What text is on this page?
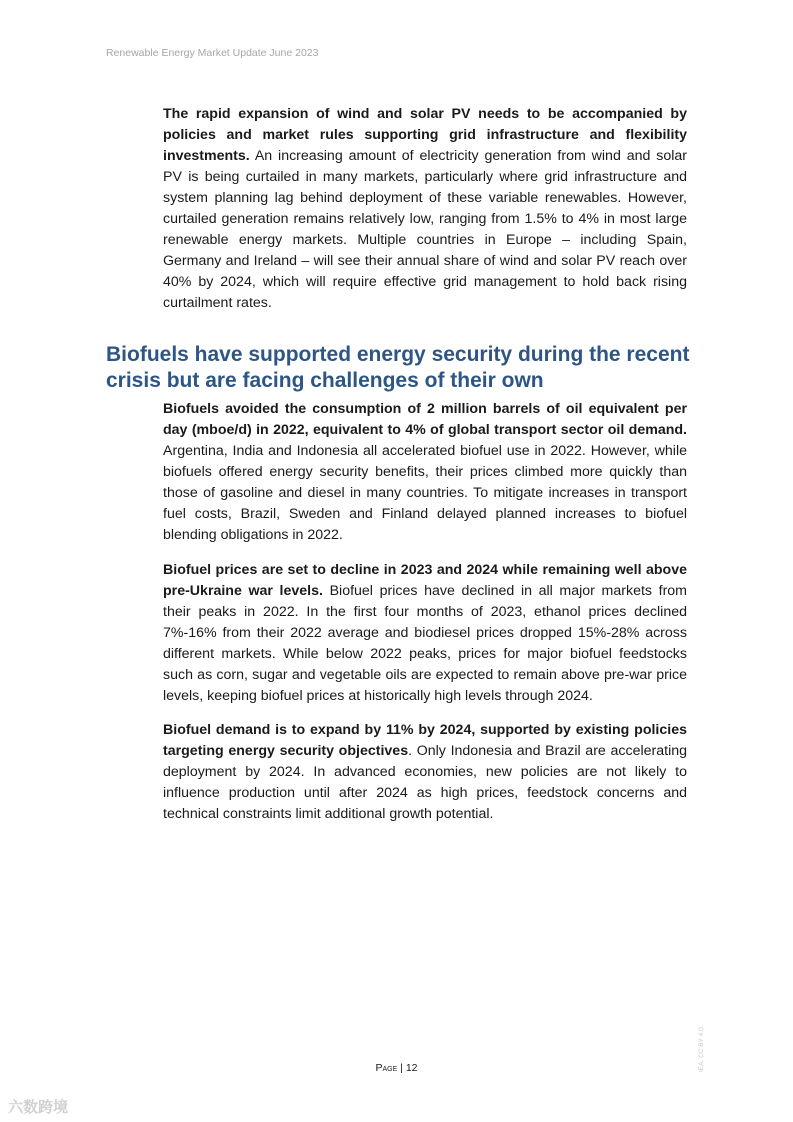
Renewable Energy Market Update June 2023

The rapid expansion of wind and solar PV needs to be accompanied by policies and market rules supporting grid infrastructure and flexibility investments. An increasing amount of electricity generation from wind and solar PV is being curtailed in many markets, particularly where grid infrastructure and system planning lag behind deployment of these variable renewables. However, curtailed generation remains relatively low, ranging from 1.5% to 4% in most large renewable energy markets. Multiple countries in Europe – including Spain, Germany and Ireland – will see their annual share of wind and solar PV reach over 40% by 2024, which will require effective grid management to hold back rising curtailment rates.

Biofuels have supported energy security during the recent crisis but are facing challenges of their own

Biofuels avoided the consumption of 2 million barrels of oil equivalent per day (mboe/d) in 2022, equivalent to 4% of global transport sector oil demand. Argentina, India and Indonesia all accelerated biofuel use in 2022. However, while biofuels offered energy security benefits, their prices climbed more quickly than those of gasoline and diesel in many countries. To mitigate increases in transport fuel costs, Brazil, Sweden and Finland delayed planned increases to biofuel blending obligations in 2022.

Biofuel prices are set to decline in 2023 and 2024 while remaining well above pre-Ukraine war levels. Biofuel prices have declined in all major markets from their peaks in 2022. In the first four months of 2023, ethanol prices declined 7%-16% from their 2022 average and biodiesel prices dropped 15%-28% across different markets. While below 2022 peaks, prices for major biofuel feedstocks such as corn, sugar and vegetable oils are expected to remain above pre-war price levels, keeping biofuel prices at historically high levels through 2024.

Biofuel demand is to expand by 11% by 2024, supported by existing policies targeting energy security objectives. Only Indonesia and Brazil are accelerating deployment by 2024. In advanced economies, new policies are not likely to influence production until after 2024 as high prices, feedstock concerns and technical constraints limit additional growth potential.

Page | 12	IEA. CC BY 4.0.
六数跨境
